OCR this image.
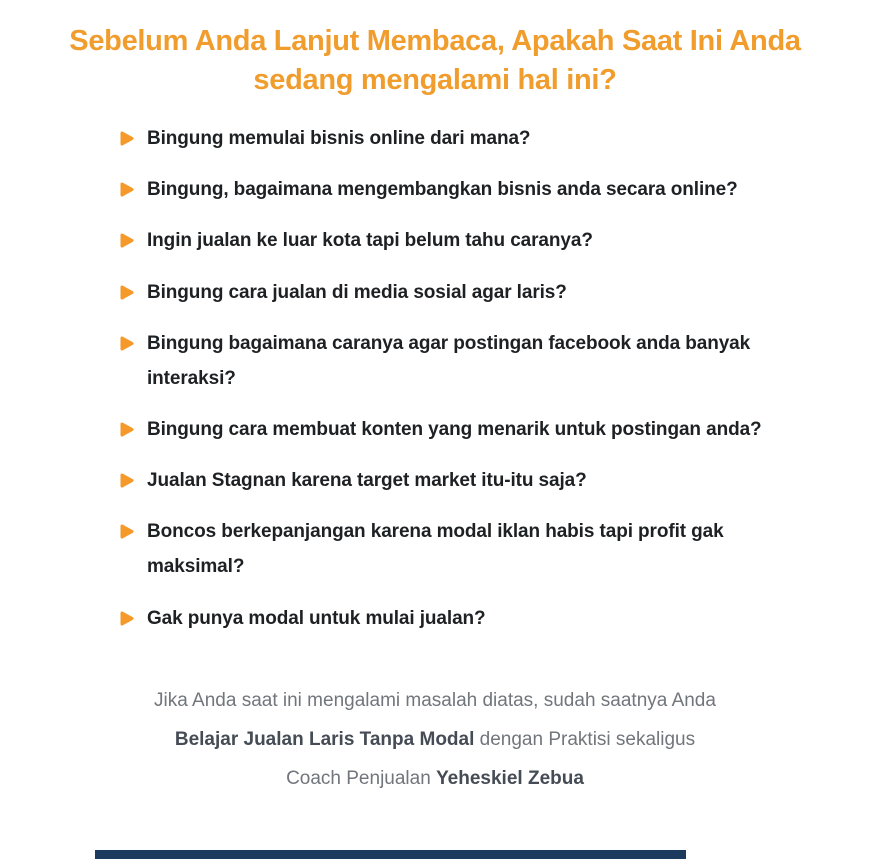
Sebelum Anda Lanjut Membaca, Apakah Saat Ini Anda sedang mengalami hal ini?
Bingung memulai bisnis online dari mana?
Bingung, bagaimana mengembangkan bisnis anda secara online?
Ingin jualan ke luar kota tapi belum tahu caranya?
Bingung cara jualan di media sosial agar laris?
Bingung bagaimana caranya agar postingan facebook anda banyak interaksi?
Bingung cara membuat konten yang menarik untuk postingan anda?
Jualan Stagnan karena target market itu-itu saja?
Boncos berkepanjangan karena modal iklan habis tapi profit gak maksimal?
Gak punya modal untuk mulai jualan?

Jika Anda saat ini mengalami masalah diatas, sudah saatnya Anda
Belajar Jualan Laris Tanpa Modal dengan Praktisi sekaligus
Coach Penjualan Yeheskiel Zebua
